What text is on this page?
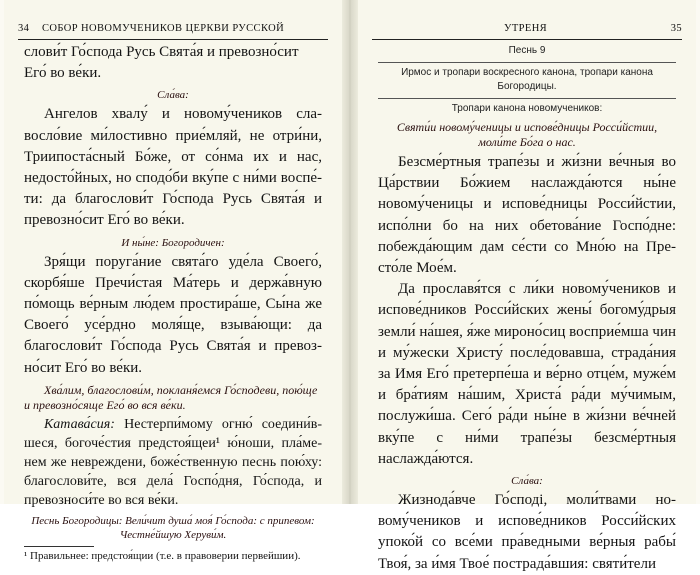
34 СОБОР НОВОМУЧЕНИКОВ ЦЕРКВИ РУССКОЙ

слови́т Го́спода Русь Свята́я и превозно́сит Его́ во ве́ки.

Сла́ва:

Ангелов хвалу́ и новому́чеников славосло́вие ми́лостивно прие́мляй, не отри́ни, Триипоста́сный Бо́же, от со́нма их и нас, недосто́йных, но сподо́би вку́пе с ни́ми воспе́ти: да благослови́т Го́спода Русь Свята́я и превозно́сит Его́ во ве́ки.

И ны́не: Богородичен:

Зря́щи поруга́ние свята́го уде́ла Своего́, скорбя́ше Пречи́стая Ма́терь и держа́вную по́мощь ве́рным лю́дем простира́ше, Сы́на же Своего́ усе́рдно моля́ще, взыва́ющи: да благослови́т Го́спода Русь Свята́я и превозно́сит Его́ во ве́ки.

Хва́лим, благослови́м, покланя́емся Го́сподеви, пою́ще и превозно́сяще Его́ во вся ве́ки.

Катава́сия: Нестерпи́мому огню́ соедини́вшеся, богоче́стия предстоя́щеи¹ ю́ноши, пла́менем же невреждени, боже́ственную песнь пою́ху: благослови́те, вся дела́ Госпо́дня, Го́спода, и превозноси́те во вся ве́ки.

Песнь Богородицы: Вели́чит душа́ моя́ Го́спода: с припевом: Честне́йшую Херуви́м.
¹ Правильнее: предстоя́щии (т.е. в правоверии первейшии).
УТРЕНЯ	35
Песнь 9
Ирмос и тропари воскресного канона, тропари канона Богородицы.
Тропари канона новомучеников:
Святи́и новому́ченицы и испове́дницы Росси́йстии, моли́те Бо́га о нас.

Безсме́ртныя трапе́зы и жи́зни ве́чныя во Ца́рствии Бо́жием наслажда́ются ны́не новому́ченицы и испове́дницы Росси́йстии, испо́лни бо на них обетова́ние Госпо́дне: побежда́ющим дам се́сти со Мно́ю на Престо́ле Мое́м.

Да прославя́тся с ли́ки новому́чеников и испове́дников Росси́йских жены́ богому́дрыя земли́ на́шея, я́же мироно́сиц восприе́мша чин и му́жески Христу́ после́довавша, страда́ния за Имя Его́ претерпе́ша и ве́рно отце́м, муже́м и бра́тиям на́шим, Христа́ ра́ди му́чимым, послужи́ша. Сего́ ра́ди ны́не в жи́зни ве́чней вку́пе с ни́ми трапе́зы безсме́ртныя наслажда́ются.

Сла́ва:

Жизнода́вче Го́сподi, моли́твами новому́чеников и испове́дников Росси́йских упоко́й со все́ми пра́ведными ве́рныя рабы́ Твоя́, за и́мя Твое́ пострада́вшия: святи́тели
